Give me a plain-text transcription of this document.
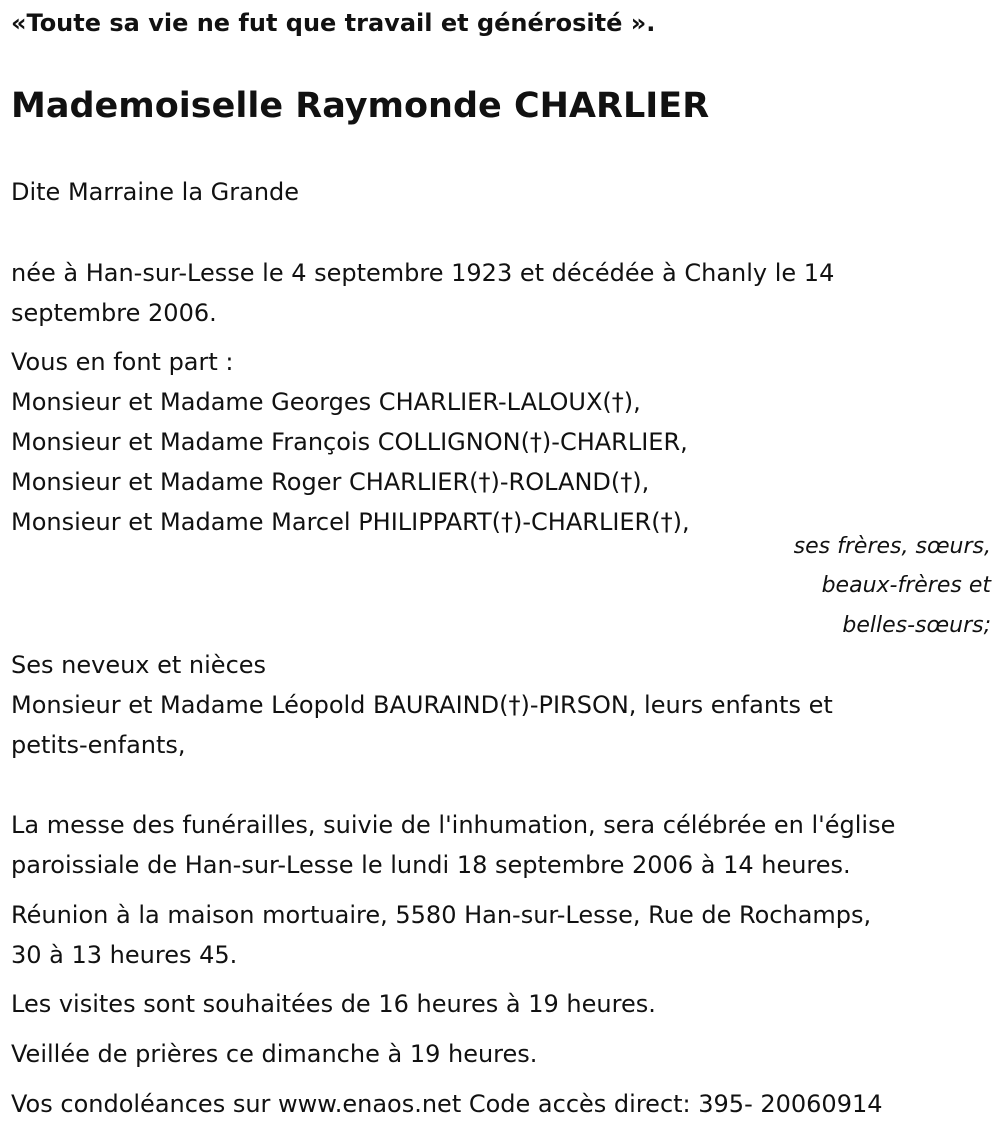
«Toute sa vie ne fut que travail et générosité ».
Mademoiselle Raymonde CHARLIER
Dite Marraine la Grande
née à Han-sur-Lesse le 4 septembre 1923 et décédée à Chanly le 14
septembre 2006.
Vous en font part :
Monsieur et Madame Georges CHARLIER-LALOUX(†),
Monsieur et Madame François COLLIGNON(†)-CHARLIER,
Monsieur et Madame Roger CHARLIER(†)-ROLAND(†),
Monsieur et Madame Marcel PHILIPPART(†)-CHARLIER(†),
ses frères, sœurs,
beaux-frères et
belles-sœurs;
Ses neveux et nièces
Monsieur et Madame Léopold BAURAIND(†)-PIRSON, leurs enfants et
petits-enfants,
La messe des funérailles, suivie de l'inhumation, sera célébrée en l'église
paroissiale de Han-sur-Lesse le lundi 18 septembre 2006 à 14 heures.
Réunion à la maison mortuaire, 5580 Han-sur-Lesse, Rue de Rochamps,
30 à 13 heures 45.
Les visites sont souhaitées de 16 heures à 19 heures.
Veillée de prières ce dimanche à 19 heures.
Vos condoléances sur www.enaos.net Code accès direct: 395- 20060914
